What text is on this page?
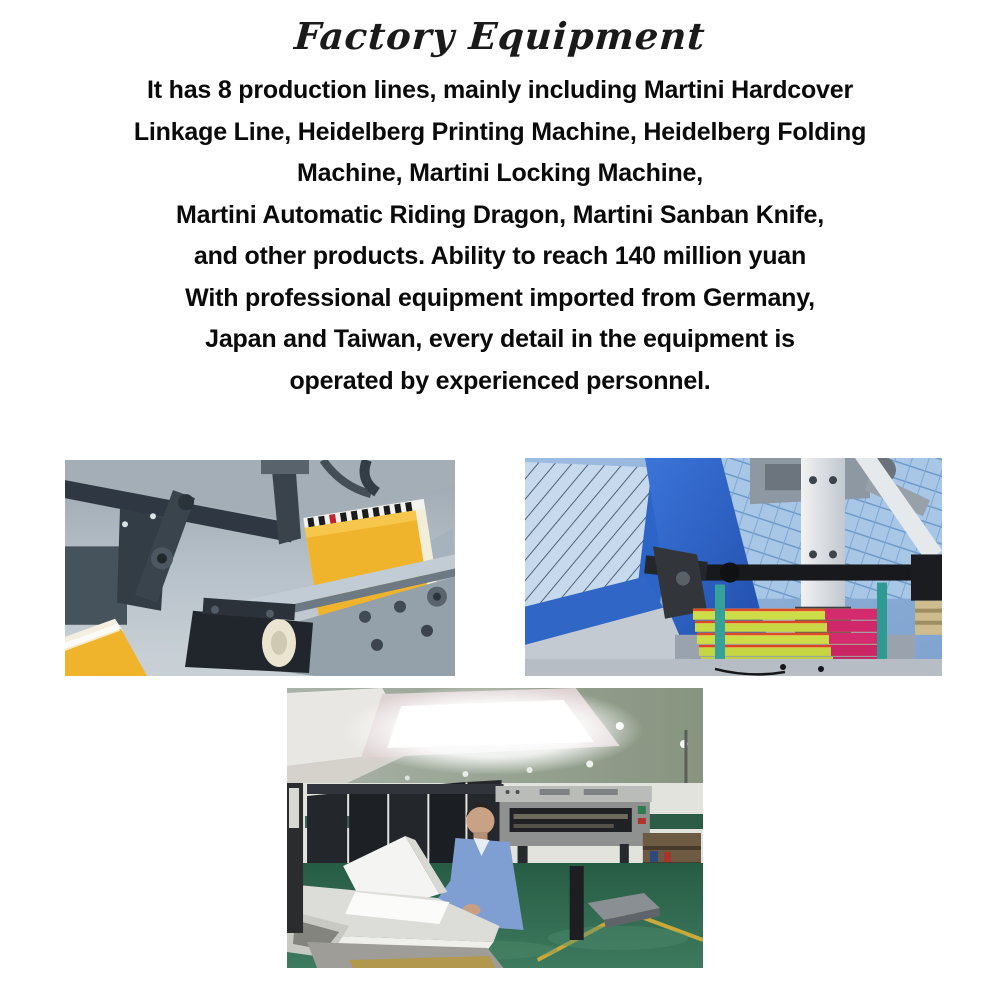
Factory Equipment
It has 8 production lines, mainly including Martini Hardcover
Linkage Line, Heidelberg Printing Machine, Heidelberg Folding
Machine, Martini Locking Machine,
Martini Automatic Riding Dragon, Martini Sanban Knife,
and other products. Ability to reach 140 million yuan
With professional equipment imported from Germany,
Japan and Taiwan, every detail in the equipment is
operated by experienced personnel.
